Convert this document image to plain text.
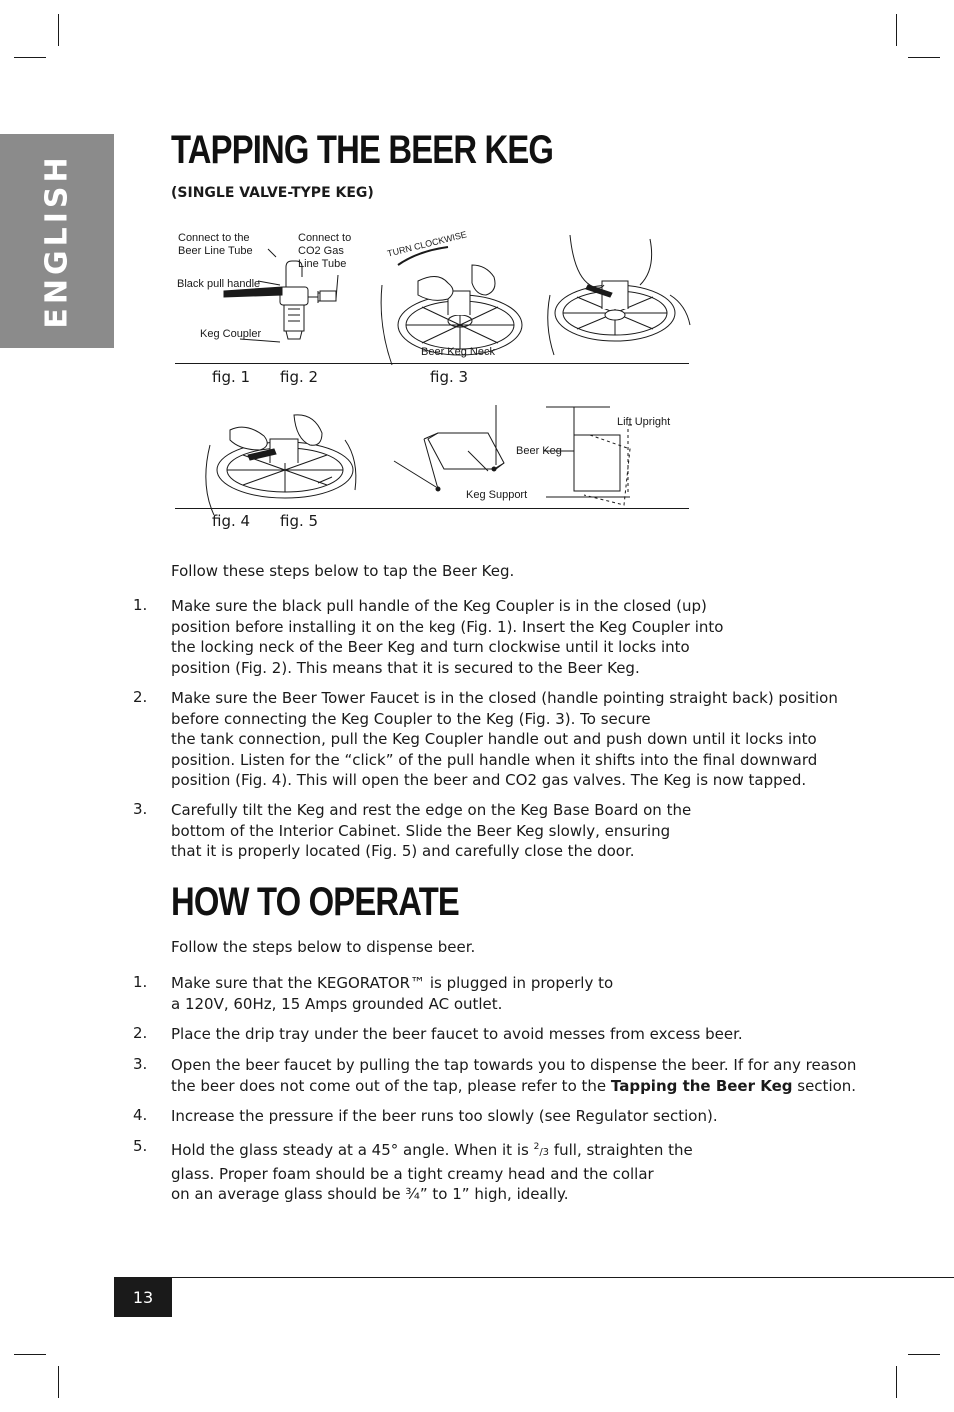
ENGLISH
TAPPING THE BEER KEG
(SINGLE VALVE-TYPE KEG)
Connect to the Beer Line Tube
Connect to CO2 Gas Line Tube
Black pull handle
Keg Coupler
TURN CLOCKWISE
Beer Keg Neck
Lift Upright
Beer Keg
Keg Support
fig. 1 fig. 2	fig. 3
fig. 4 fig. 5
Follow these steps below to tap the Beer Keg.
1. Make sure the black pull handle of the Keg Coupler is in the closed (up)
position before installing it on the keg (Fig. 1). Insert the Keg Coupler into
the locking neck of the Beer Keg and turn clockwise until it locks into
position (Fig. 2). This means that it is secured to the Beer Keg.
2. Make sure the Beer Tower Faucet is in the closed (handle pointing straight back) position
before connecting the Keg Coupler to the Keg (Fig. 3). To secure
the tank connection, pull the Keg Coupler handle out and push down until it locks into
position. Listen for the “click” of the pull handle when it shifts into the final downward
position (Fig. 4). This will open the beer and CO2 gas valves. The Keg is now tapped.
3. Carefully tilt the Keg and rest the edge on the Keg Base Board on the
bottom of the Interior Cabinet. Slide the Beer Keg slowly, ensuring
that it is properly located (Fig. 5) and carefully close the door.
HOW TO OPERATE
Follow the steps below to dispense beer.
1. Make sure that the KEGORATOR™ is plugged in properly to
a 120V, 60Hz, 15 Amps grounded AC outlet.
2. Place the drip tray under the beer faucet to avoid messes from excess beer.
3. Open the beer faucet by pulling the tap towards you to dispense the beer. If for any reason
the beer does not come out of the tap, please refer to the Tapping the Beer Keg section.
4. Increase the pressure if the beer runs too slowly (see Regulator section).
5. Hold the glass steady at a 45° angle. When it is $^2$/3 full, straighten the
glass. Proper foam should be a tight creamy head and the collar
on an average glass should be ¾” to 1” high, ideally.
13
